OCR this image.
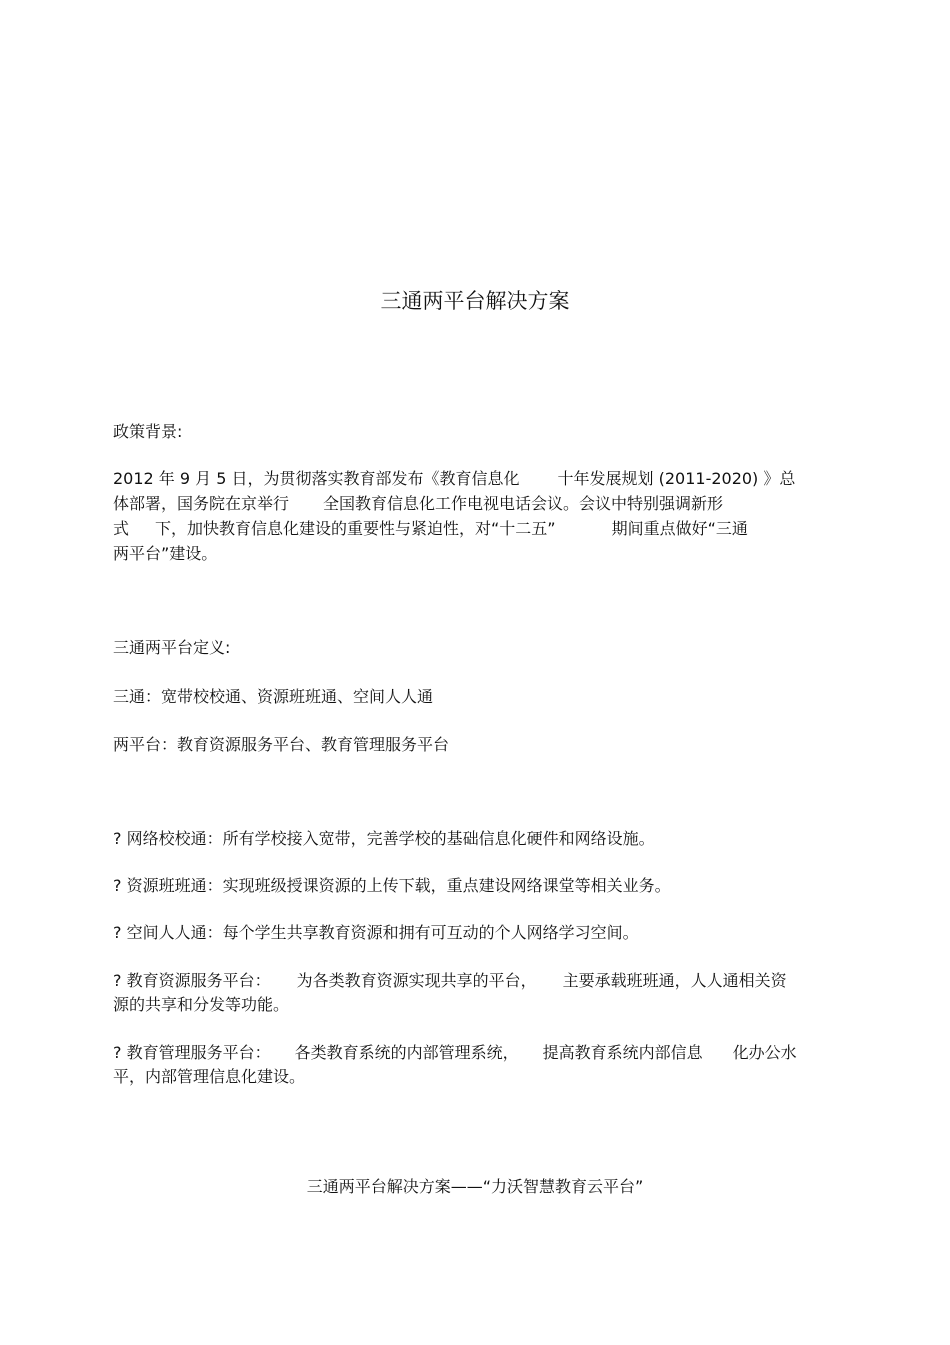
三通两平台解决方案
政策背景:
2012 年 9 月 5 日，为贯彻落实教育部发布《教育信息化 十年发展规划 (2011-2020) 》总
体部署，国务院在京举行 全国教育信息化工作电视电话会议。会议中特别强调新形
式 下，加快教育信息化建设的重要性与紧迫性，对“十二五”	期间重点做好“三通
两平台”建设。
三通两平台定义:
三通：宽带校校通、资源班班通、空间人人通
两平台：教育资源服务平台、教育管理服务平台
? 网络校校通：所有学校接入宽带，完善学校的基础信息化硬件和网络设施。
? 资源班班通：实现班级授课资源的上传下载，重点建设网络课堂等相关业务。
? 空间人人通：每个学生共享教育资源和拥有可互动的个人网络学习空间。
? 教育资源服务平台： 为各类教育资源实现共享的平台， 主要承载班班通，人人通相关资
源的共享和分发等功能。
? 教育管理服务平台： 各类教育系统的内部管理系统， 提高教育系统内部信息 化办公水
平，内部管理信息化建设。
三通两平台解决方案——“力沃智慧教育云平台”
